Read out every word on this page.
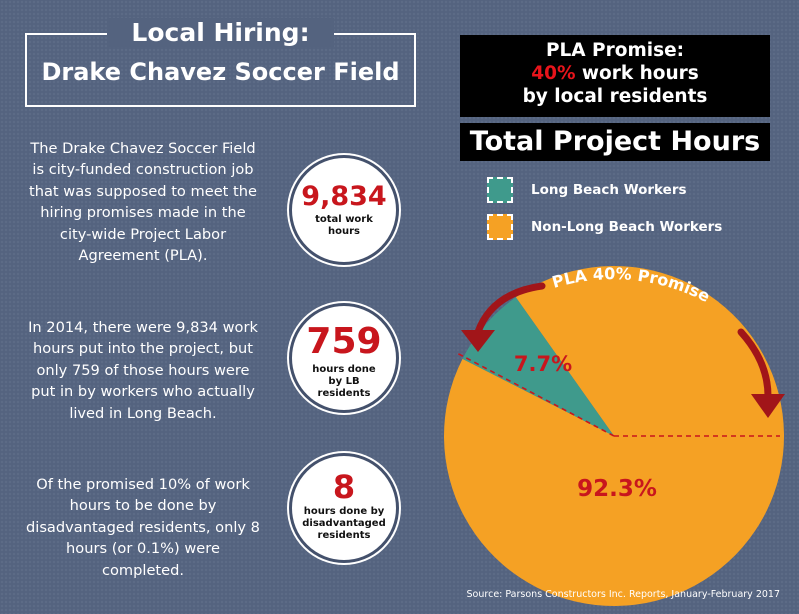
Local Hiring:
Drake Chavez Soccer Field
The Drake Chavez Soccer Field is city-funded construction job that was supposed to meet the hiring promises made in the city-wide Project Labor Agreement (PLA).
In 2014, there were 9,834 work hours put into the project, but only 759 of those hours were put in by workers who actually lived in Long Beach.
Of the promised 10% of work hours to be done by disadvantaged residents, only 8 hours (or 0.1%) were completed.
9,834
total work hours
759
hours done by LB residents
8
hours done by disadvantaged residents
PLA Promise:
40% work hours
by local residents
Total Project Hours
Long Beach Workers
Non-Long Beach Workers
PLA 40% Promise
7.7%
92.3%
Source: Parsons Constructors Inc. Reports, January-February 2017
